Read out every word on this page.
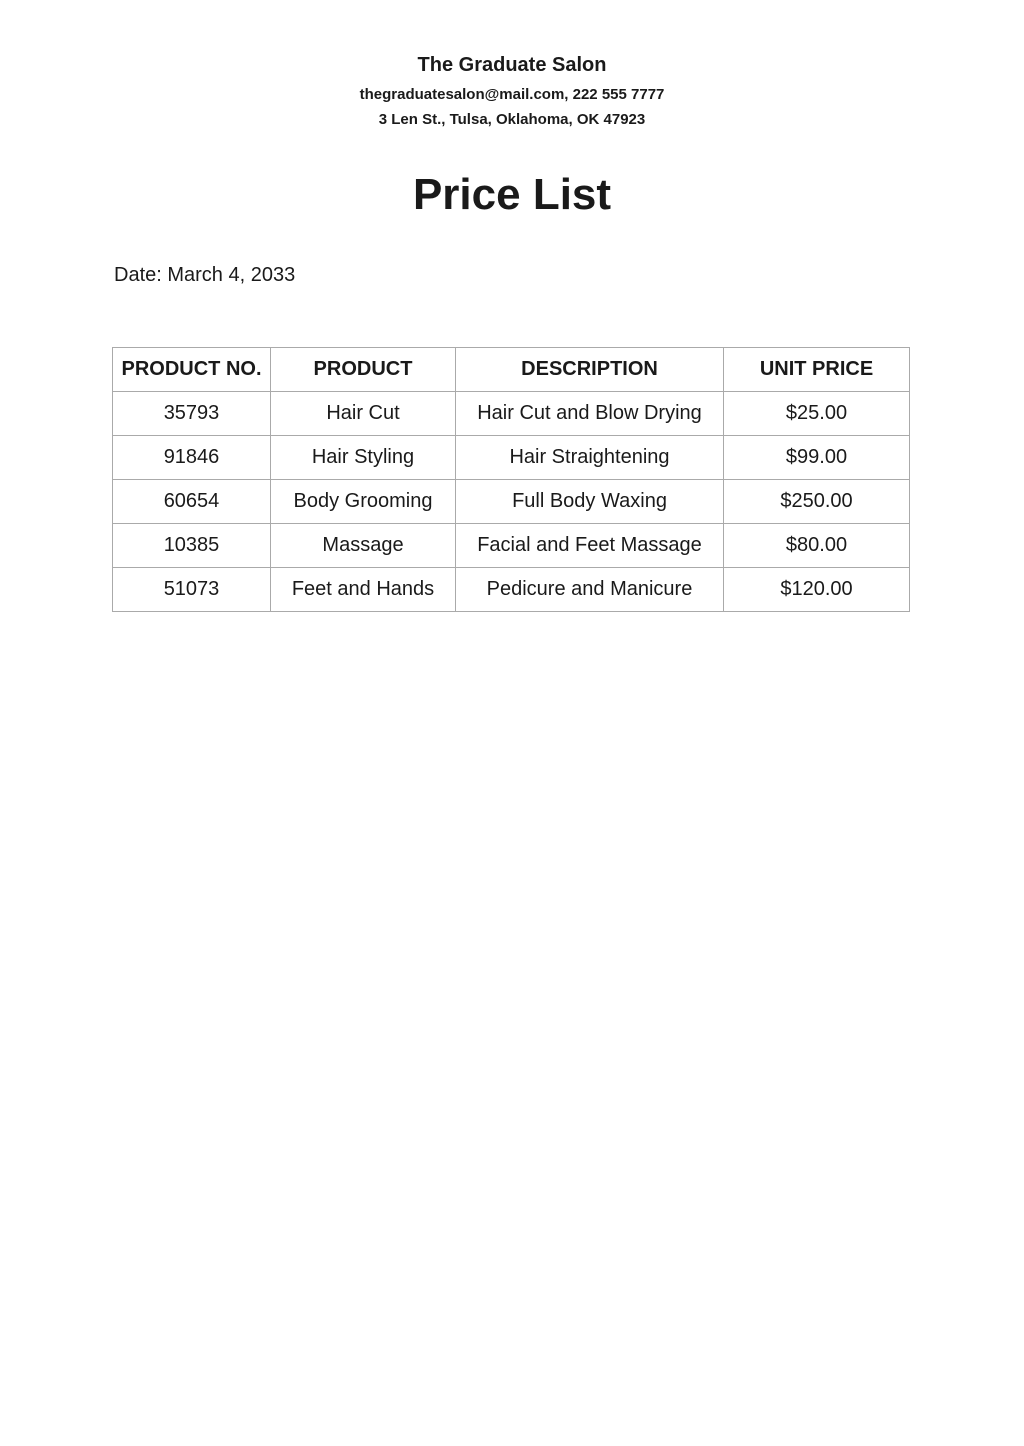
The Graduate Salon
thegraduatesalon@mail.com, 222 555 7777
3 Len St., Tulsa, Oklahoma, OK 47923
Price List
Date: March 4, 2033
PRODUCT NO.	PRODUCT	DESCRIPTION	UNIT PRICE
35793	Hair Cut	Hair Cut and Blow Drying	$25.00
91846	Hair Styling	Hair Straightening	$99.00
60654	Body Grooming	Full Body Waxing	$250.00
10385	Massage	Facial and Feet Massage	$80.00
51073	Feet and Hands	Pedicure and Manicure	$120.00
